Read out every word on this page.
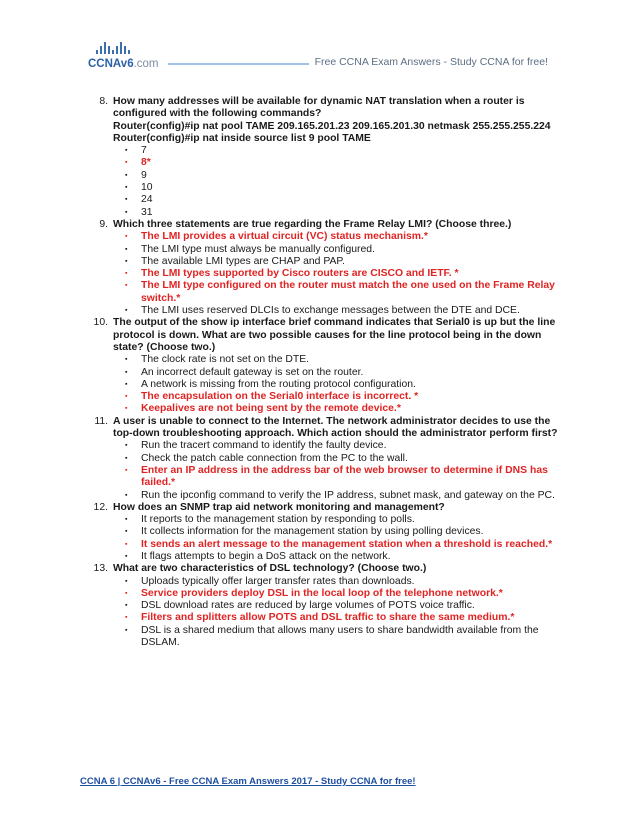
CCNAv6.com	Free CCNA Exam Answers - Study CCNA for free!
8. How many addresses will be available for dynamic NAT translation when a router is configured with the following commands?
Router(config)#ip nat pool TAME 209.165.201.23 209.165.201.30 netmask 255.255.255.224
Router(config)#ip nat inside source list 9 pool TAME
▪	7
▪	8*
▪	9
▪	10
▪	24
▪	31
9. Which three statements are true regarding the Frame Relay LMI? (Choose three.)
▪	The LMI provides a virtual circuit (VC) status mechanism.*
▪	The LMI type must always be manually configured.
▪	The available LMI types are CHAP and PAP.
▪	The LMI types supported by Cisco routers are CISCO and IETF. *
▪	The LMI type configured on the router must match the one used on the Frame Relay switch.*
▪	The LMI uses reserved DLCIs to exchange messages between the DTE and DCE.
10. The output of the show ip interface brief command indicates that Serial0 is up but the line protocol is down. What are two possible causes for the line protocol being in the down state? (Choose two.)
▪	The clock rate is not set on the DTE.
▪	An incorrect default gateway is set on the router.
▪	A network is missing from the routing protocol configuration.
▪	The encapsulation on the Serial0 interface is incorrect. *
▪	Keepalives are not being sent by the remote device.*
11. A user is unable to connect to the Internet. The network administrator decides to use the top-down troubleshooting approach. Which action should the administrator perform first?
▪	Run the tracert command to identify the faulty device.
▪	Check the patch cable connection from the PC to the wall.
▪	Enter an IP address in the address bar of the web browser to determine if DNS has failed.*
▪	Run the ipconfig command to verify the IP address, subnet mask, and gateway on the PC.
12. How does an SNMP trap aid network monitoring and management?
▪	It reports to the management station by responding to polls.
▪	It collects information for the management station by using polling devices.
▪	It sends an alert message to the management station when a threshold is reached.*
▪	It flags attempts to begin a DoS attack on the network.
13. What are two characteristics of DSL technology? (Choose two.)
▪	Uploads typically offer larger transfer rates than downloads.
▪	Service providers deploy DSL in the local loop of the telephone network.*
▪	DSL download rates are reduced by large volumes of POTS voice traffic.
▪	Filters and splitters allow POTS and DSL traffic to share the same medium.*
▪	DSL is a shared medium that allows many users to share bandwidth available from the DSLAM.
CCNA 6 | CCNAv6 - Free CCNA Exam Answers 2017 - Study CCNA for free!
